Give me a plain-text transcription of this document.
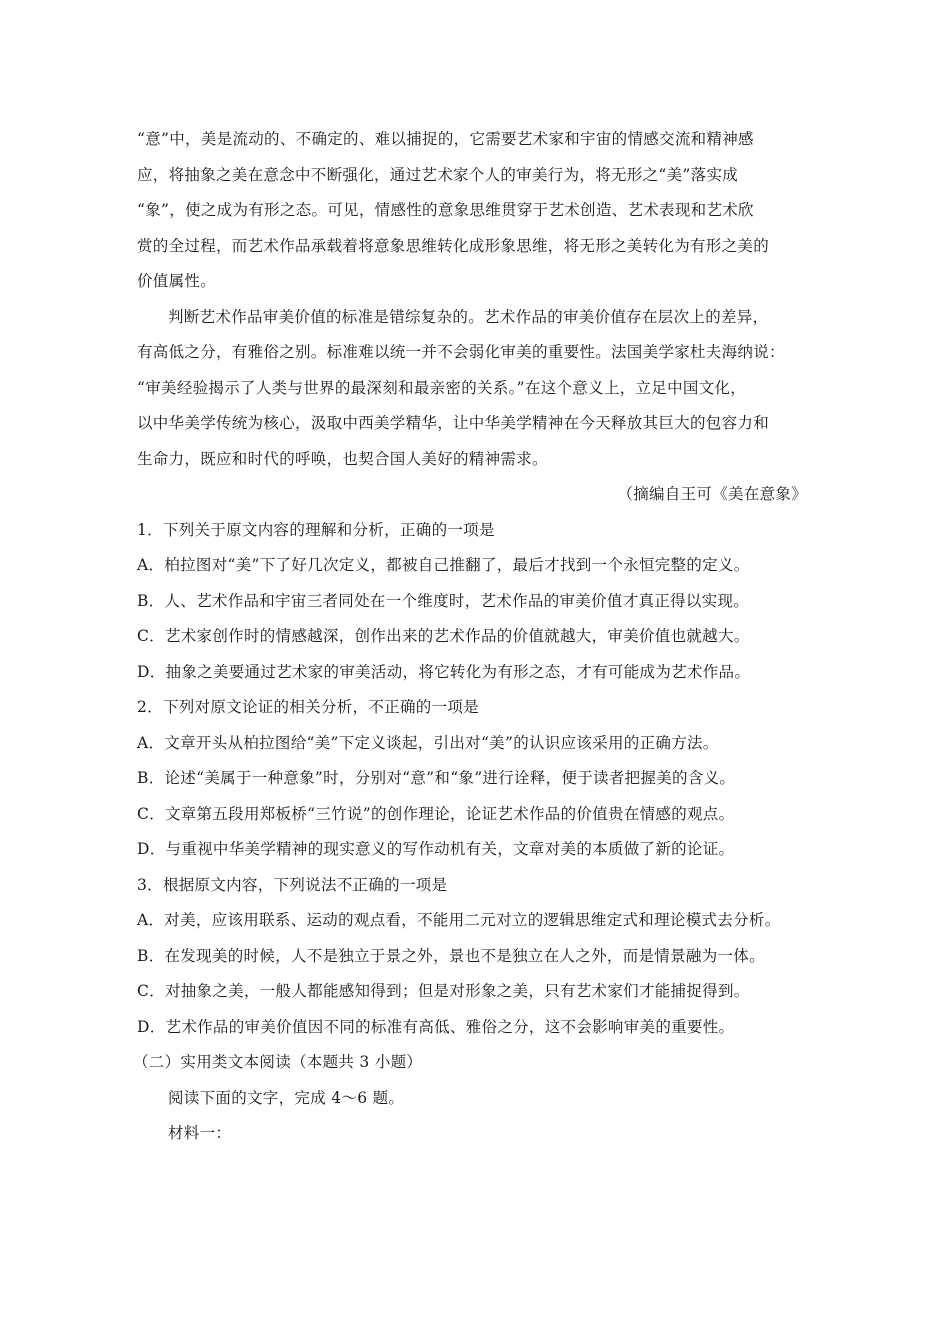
“意”中，美是流动的、不确定的、难以捕捉的，它需要艺术家和宇宙的情感交流和精神感
应，将抽象之美在意念中不断强化，通过艺术家个人的审美行为，将无形之“美”落实成
“象”，使之成为有形之态。可见，情感性的意象思维贯穿于艺术创造、艺术表现和艺术欣
赏的全过程，而艺术作品承载着将意象思维转化成形象思维，将无形之美转化为有形之美的
价值属性。
判断艺术作品审美价值的标准是错综复杂的。艺术作品的审美价值存在层次上的差异，
有高低之分，有雅俗之别。标准难以统一并不会弱化审美的重要性。法国美学家杜夫海纳说：
“审美经验揭示了人类与世界的最深刻和最亲密的关系。”在这个意义上，立足中国文化，
以中华美学传统为核心，汲取中西美学精华，让中华美学精神在今天释放其巨大的包容力和
生命力，既应和时代的呼唤，也契合国人美好的精神需求。
（摘编自王可《美在意象》
1．下列关于原文内容的理解和分析，正确的一项是
A．柏拉图对“美”下了好几次定义，都被自己推翻了，最后才找到一个永恒完整的定义。
B．人、艺术作品和宇宙三者同处在一个维度时，艺术作品的审美价值才真正得以实现。
C．艺术家创作时的情感越深，创作出来的艺术作品的价值就越大，审美价值也就越大。
D．抽象之美要通过艺术家的审美活动，将它转化为有形之态，才有可能成为艺术作品。
2．下列对原文论证的相关分析，不正确的一项是
A．文章开头从柏拉图给“美”下定义谈起，引出对“美”的认识应该采用的正确方法。
B．论述“美属于一种意象”时，分别对“意”和“象”进行诠释，便于读者把握美的含义。
C．文章第五段用郑板桥“三竹说”的创作理论，论证艺术作品的价值贵在情感的观点。
D．与重视中华美学精神的现实意义的写作动机有关，文章对美的本质做了新的论证。
3．根据原文内容，下列说法不正确的一项是
A．对美，应该用联系、运动的观点看，不能用二元对立的逻辑思维定式和理论模式去分析。
B．在发现美的时候，人不是独立于景之外，景也不是独立在人之外，而是情景融为一体。
C．对抽象之美，一般人都能感知得到；但是对形象之美，只有艺术家们才能捕捉得到。
D．艺术作品的审美价值因不同的标准有高低、雅俗之分，这不会影响审美的重要性。
（二）实用类文本阅读（本题共 3 小题）
阅读下面的文字，完成 4～6 题。
材料一：
